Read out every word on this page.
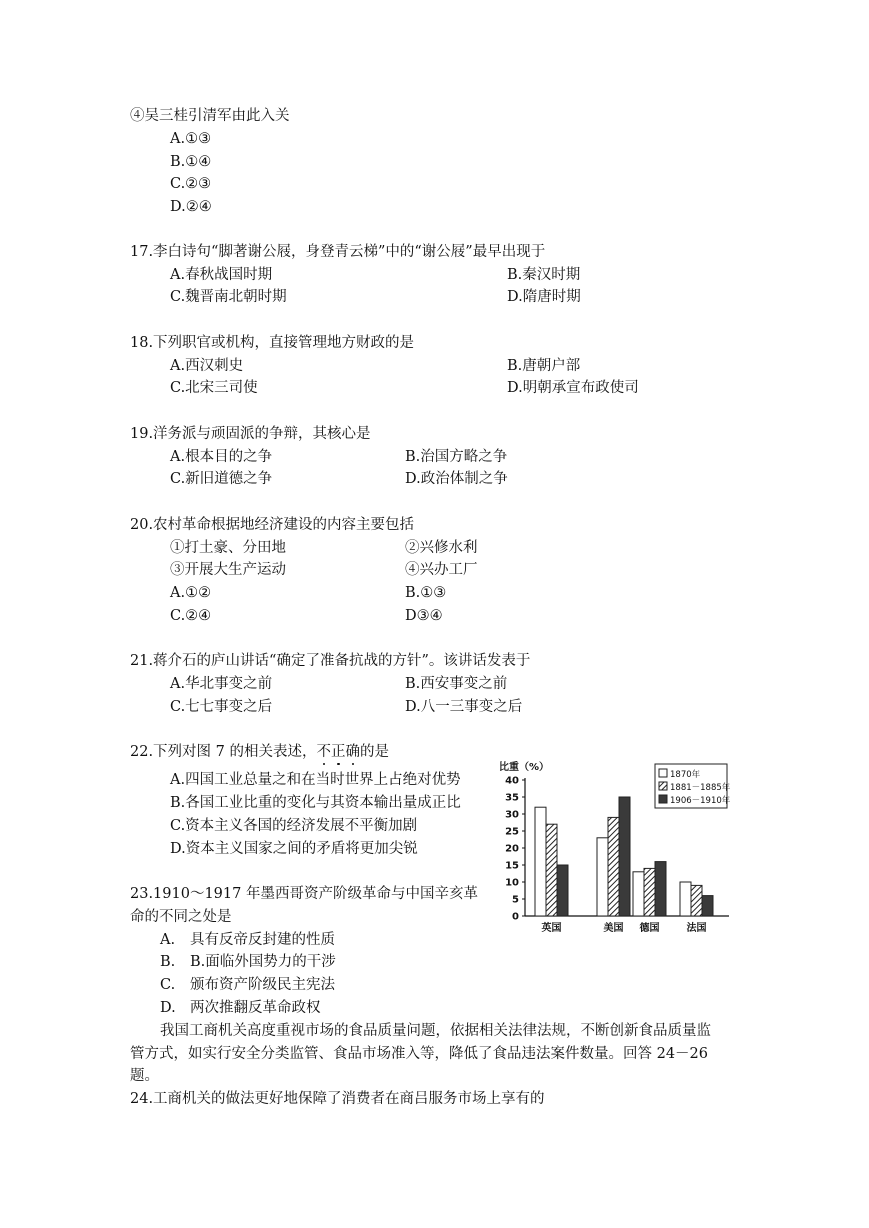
④吴三桂引清军由此入关
A.①③
B.①④
C.②③
D.②④
17.李白诗句“脚著谢公屐，身登青云梯”中的“谢公屐”最早出现于
A.春秋战国时期	B.秦汉时期
C.魏晋南北朝时期	D.隋唐时期
18.下列职官或机构，直接管理地方财政的是
A.西汉刺史	B.唐朝户部
C.北宋三司使	D.明朝承宣布政使司
19.洋务派与顽固派的争辩，其核心是
A.根本目的之争	B.治国方略之争
C.新旧道德之争	D.政治体制之争
20.农村革命根据地经济建设的内容主要包括
①打土豪、分田地	②兴修水利
③开展大生产运动	④兴办工厂
A.①②	B.①③
C.②④	D③④
21.蒋介石的庐山讲话“确定了准备抗战的方针”。该讲话发表于
A.华北事变之前	B.西安事变之前
C.七七事变之后	D.八一三事变之后
22.下列对图 7 的相关表述，不正确的是
A.四国工业总量之和在当时世界上占绝对优势
B.各国工业比重的变化与其资本输出量成正比
C.资本主义各国的经济发展不平衡加剧
D.资本主义国家之间的矛盾将更加尖锐
比重（%）
0
5
10
15
20
25
30
35
40
英国	美国 德国	法国
1870年
1881－1885年
1906－1910年
23.1910～1917 年墨西哥资产阶级革命与中国辛亥革
命的不同之处是
A. 具有反帝反封建的性质
B. B.面临外国势力的干涉
C. 颁布资产阶级民主宪法
D. 两次推翻反革命政权
我国工商机关高度重视市场的食品质量问题，依据相关法律法规，不断创新食品质量监
管方式，如实行安全分类监管、食品市场准入等，降低了食品违法案件数量。回答 24－26
题。
24.工商机关的做法更好地保障了消费者在商吕服务市场上享有的
